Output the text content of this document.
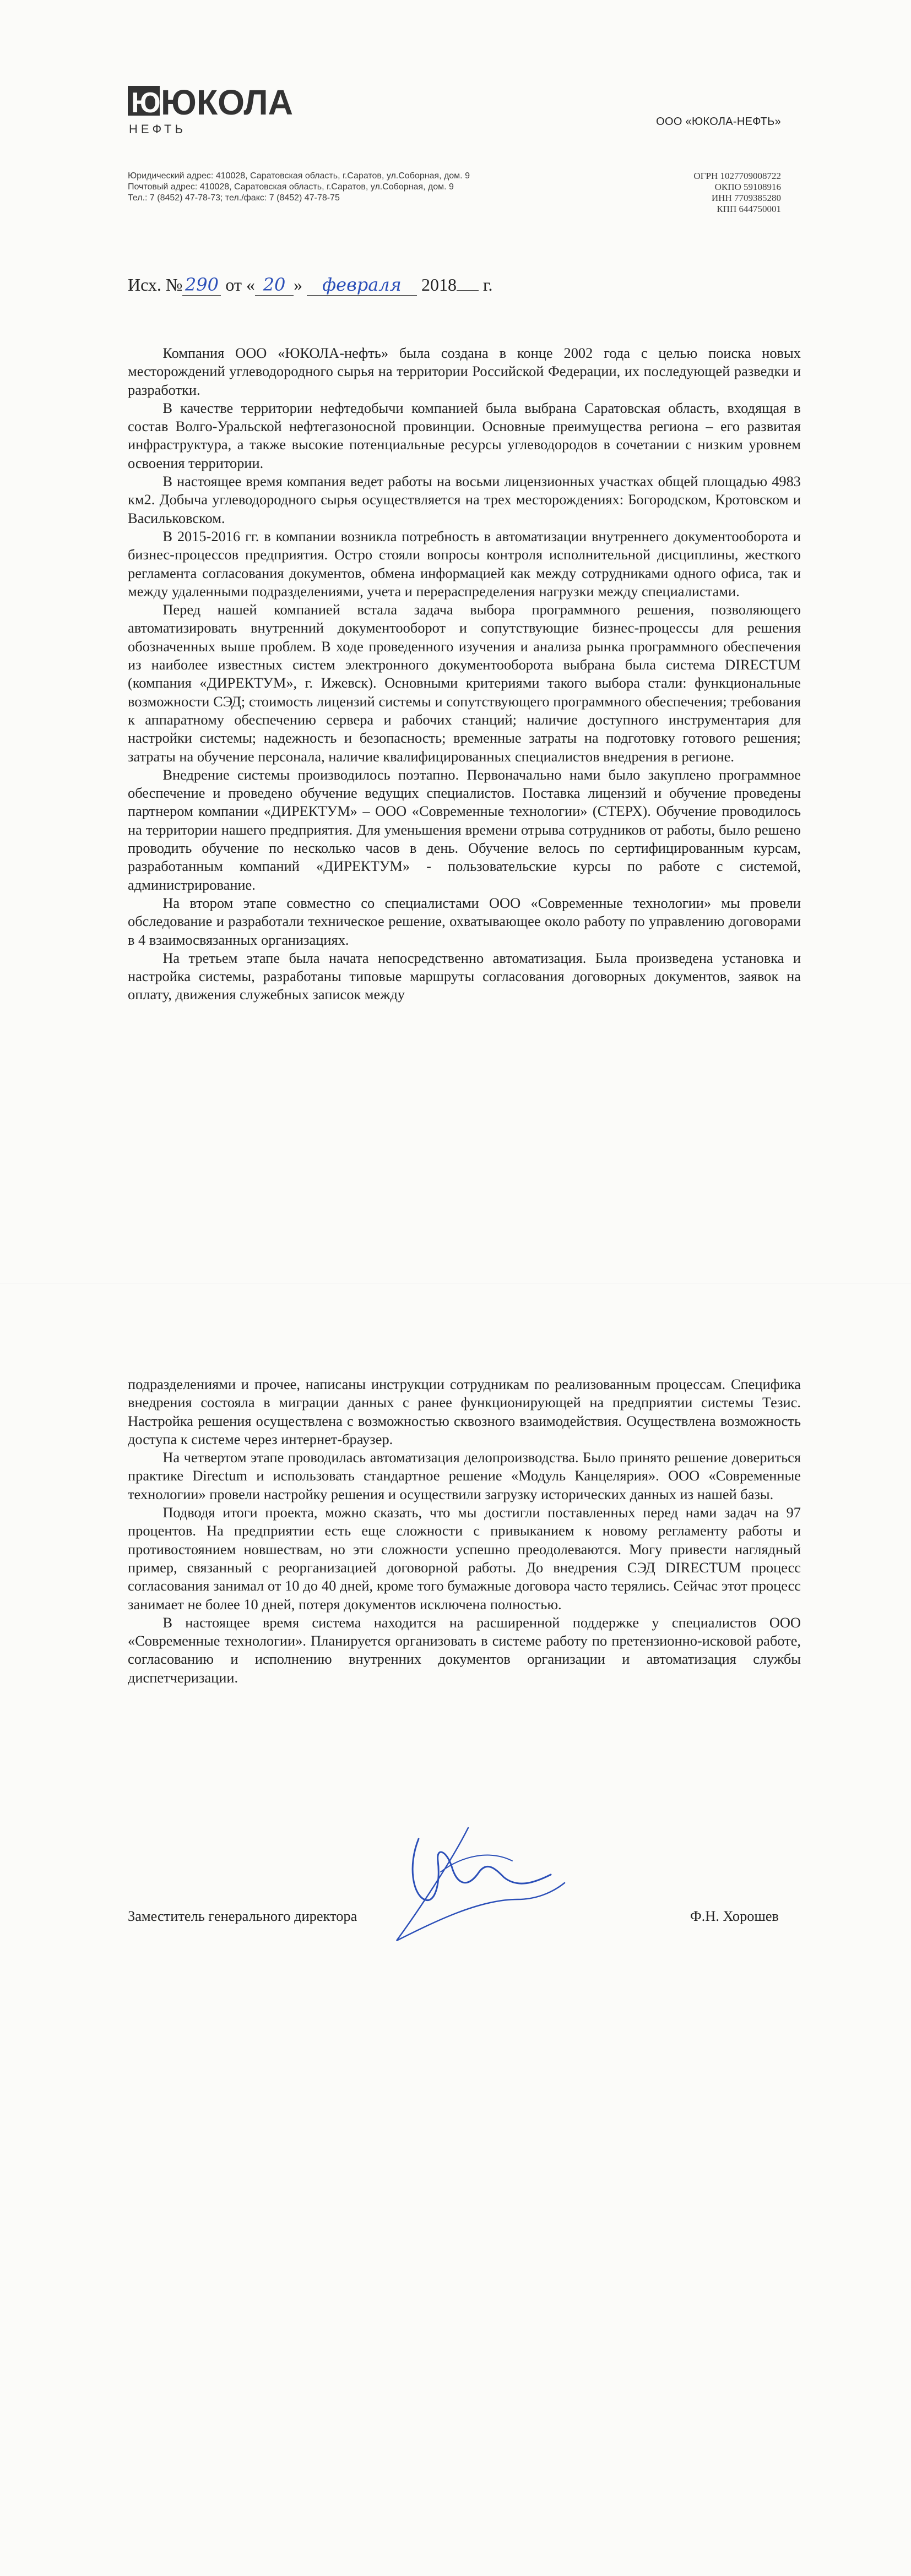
Ю ЮКОЛА
НЕФТЬ
ООО «ЮКОЛА-НЕФТЬ»
Юридический адрес: 410028, Саратовская область, г.Саратов, ул.Соборная, дом. 9
Почтовый адрес: 410028, Саратовская область, г.Саратов, ул.Соборная, дом. 9
Тел.: 7 (8452) 47-78-73; тел./факс: 7 (8452) 47-78-75
ОГРН 1027709008722
ОКПО 59108916
ИНН 7709385280
КПП 644750001
Исх. № 290 от « 20 » февраля 2018 г.

Компания ООО «ЮКОЛА-нефть» была создана в конце 2002 года с целью поиска новых месторождений углеводородного сырья на территории Российской Федерации, их последующей разведки и разработки.

В качестве территории нефтедобычи компанией была выбрана Саратовская область, входящая в состав Волго-Уральской нефтегазоносной провинции. Основные преимущества региона – его развитая инфраструктура, а также высокие потенциальные ресурсы углеводородов в сочетании с низким уровнем освоения территории.

В настоящее время компания ведет работы на восьми лицензионных участках общей площадью 4983 км2. Добыча углеводородного сырья осуществляется на трех месторождениях: Богородском, Кротовском и Васильковском.

В 2015-2016 гг. в компании возникла потребность в автоматизации внутреннего документооборота и бизнес-процессов предприятия. Остро стояли вопросы контроля исполнительной дисциплины, жесткого регламента согласования документов, обмена информацией как между сотрудниками одного офиса, так и между удаленными подразделениями, учета и перераспределения нагрузки между специалистами.

Перед нашей компанией встала задача выбора программного решения, позволяющего автоматизировать внутренний документооборот и сопутствующие бизнес-процессы для решения обозначенных выше проблем. В ходе проведенного изучения и анализа рынка программного обеспечения из наиболее известных систем электронного документооборота выбрана была система DIRECTUM (компания «ДИРЕКТУМ», г. Ижевск). Основными критериями такого выбора стали: функциональные возможности СЭД; стоимость лицензий системы и сопутствующего программного обеспечения; требования к аппаратному обеспечению сервера и рабочих станций; наличие доступного инструментария для настройки системы; надежность и безопасность; временные затраты на подготовку готового решения; затраты на обучение персонала, наличие квалифицированных специалистов внедрения в регионе.

Внедрение системы производилось поэтапно. Первоначально нами было закуплено программное обеспечение и проведено обучение ведущих специалистов. Поставка лицензий и обучение проведены партнером компании «ДИРЕКТУМ» – ООО «Современные технологии» (СТЕРХ). Обучение проводилось на территории нашего предприятия. Для уменьшения времени отрыва сотрудников от работы, было решено проводить обучение по несколько часов в день. Обучение велось по сертифицированным курсам, разработанным компаний «ДИРЕКТУМ» - пользовательские курсы по работе с системой, администрирование.

На втором этапе совместно со специалистами ООО «Современные технологии» мы провели обследование и разработали техническое решение, охватывающее около работу по управлению договорами в 4 взаимосвязанных организациях.

На третьем этапе была начата непосредственно автоматизация. Была произведена установка и настройка системы, разработаны типовые маршруты согласования договорных документов, заявок на оплату, движения служебных записок между

подразделениями и прочее, написаны инструкции сотрудникам по реализованным процессам. Специфика внедрения состояла в миграции данных с ранее функционирующей на предприятии системы Тезис. Настройка решения осуществлена с возможностью сквозного взаимодействия. Осуществлена возможность доступа к системе через интернет-браузер.

На четвертом этапе проводилась автоматизация делопроизводства. Было принято решение довериться практике Directum и использовать стандартное решение «Модуль Канцелярия». ООО «Современные технологии» провели настройку решения и осуществили загрузку исторических данных из нашей базы.

Подводя итоги проекта, можно сказать, что мы достигли поставленных перед нами задач на 97 процентов. На предприятии есть еще сложности с привыканием к новому регламенту работы и противостоянием новшествам, но эти сложности успешно преодолеваются. Могу привести наглядный пример, связанный с реорганизацией договорной работы. До внедрения СЭД DIRECTUM процесс согласования занимал от 10 до 40 дней, кроме того бумажные договора часто терялись. Сейчас этот процесс занимает не более 10 дней, потеря документов исключена полностью.

В настоящее время система находится на расширенной поддержке у специалистов ООО «Современные технологии». Планируется организовать в системе работу по претензионно-исковой работе, согласованию и исполнению внутренних документов организации и автоматизация службы диспетчеризации.

Заместитель генерального директора	Ф.Н. Хорошев
